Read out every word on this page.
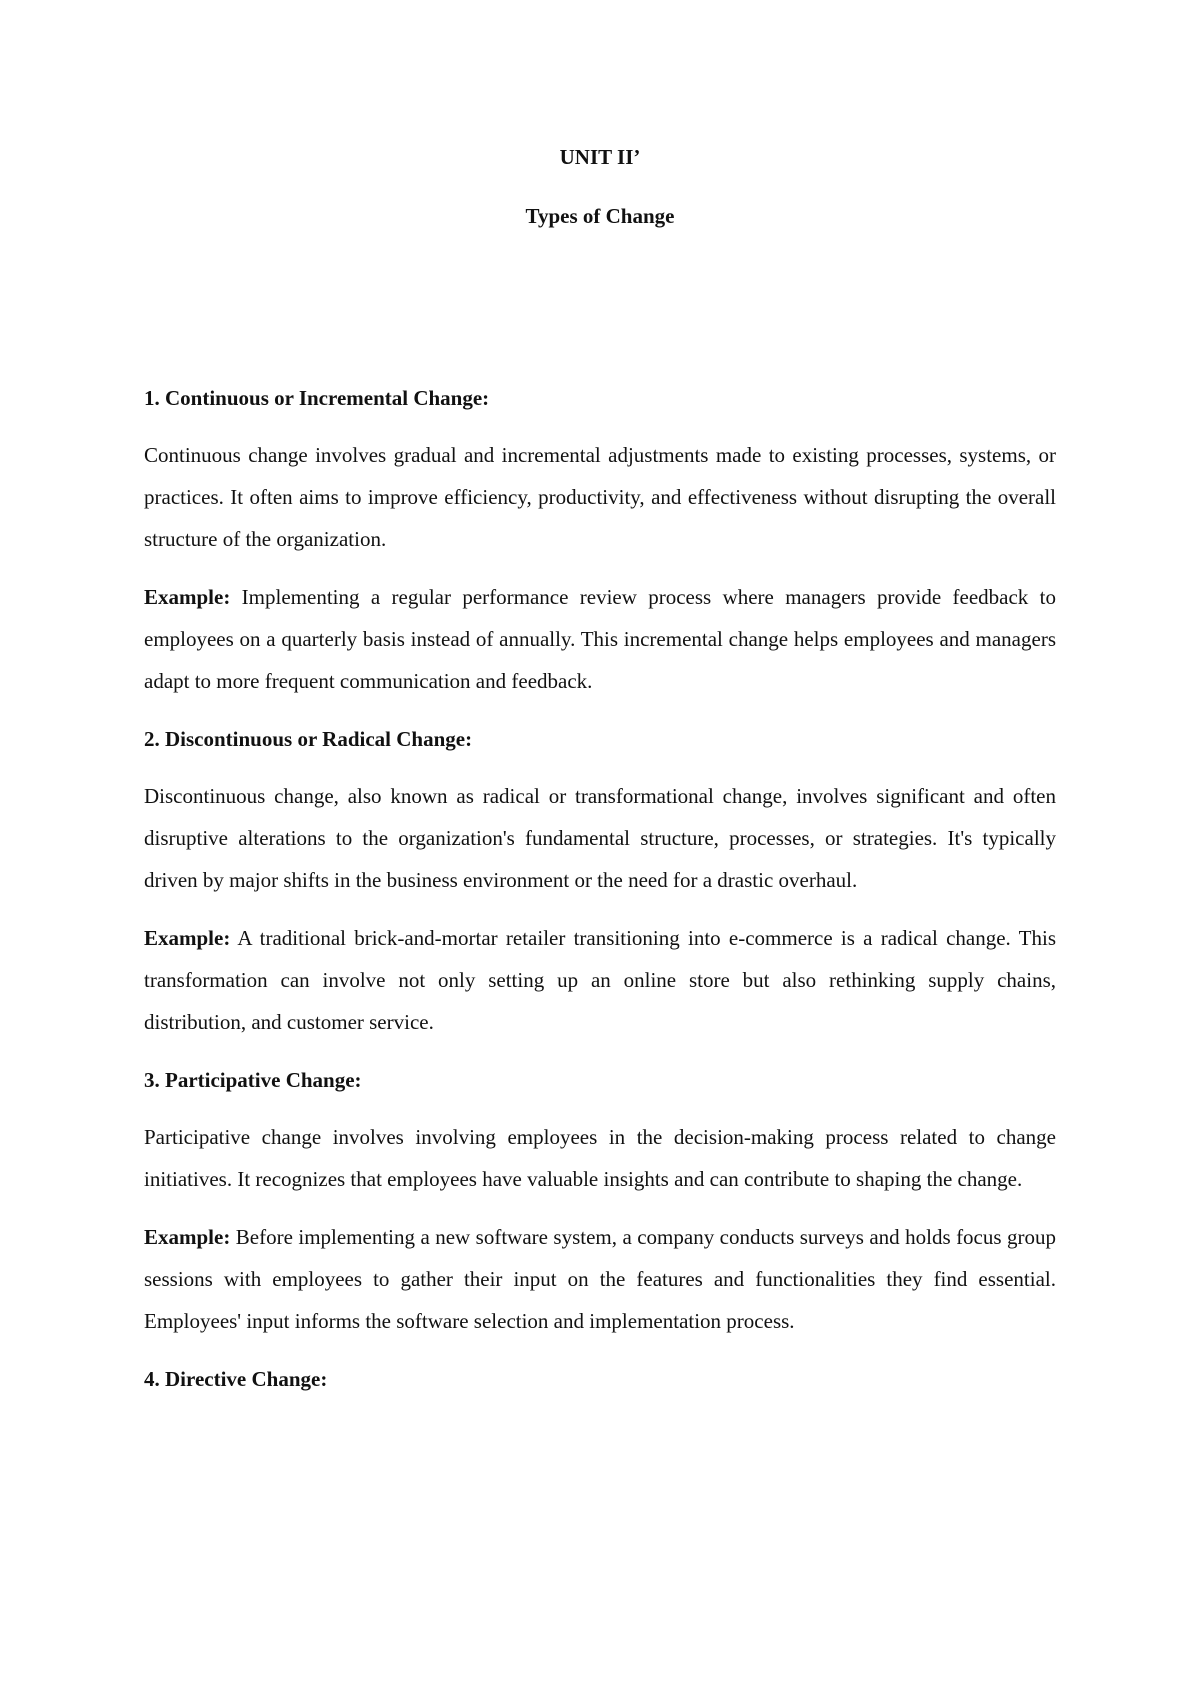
UNIT II’
Types of Change
1. Continuous or Incremental Change:

Continuous change involves gradual and incremental adjustments made to existing processes, systems, or practices. It often aims to improve efficiency, productivity, and effectiveness without disrupting the overall structure of the organization.

Example: Implementing a regular performance review process where managers provide feedback to employees on a quarterly basis instead of annually. This incremental change helps employees and managers adapt to more frequent communication and feedback.

2. Discontinuous or Radical Change:

Discontinuous change, also known as radical or transformational change, involves significant and often disruptive alterations to the organization's fundamental structure, processes, or strategies. It's typically driven by major shifts in the business environment or the need for a drastic overhaul.

Example: A traditional brick-and-mortar retailer transitioning into e-commerce is a radical change. This transformation can involve not only setting up an online store but also rethinking supply chains, distribution, and customer service.

3. Participative Change:

Participative change involves involving employees in the decision-making process related to change initiatives. It recognizes that employees have valuable insights and can contribute to shaping the change.

Example: Before implementing a new software system, a company conducts surveys and holds focus group sessions with employees to gather their input on the features and functionalities they find essential. Employees' input informs the software selection and implementation process.

4. Directive Change:
